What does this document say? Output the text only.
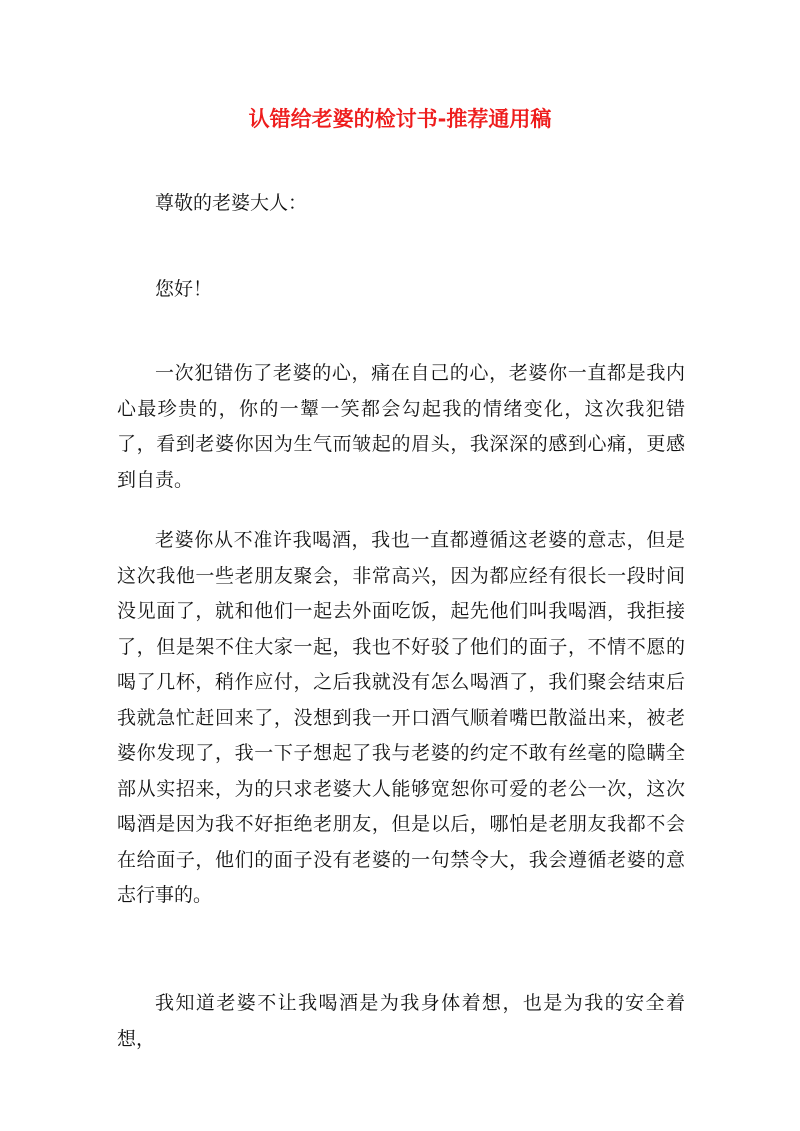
认错给老婆的检讨书-推荐通用稿

尊敬的老婆大人：

您好！

一次犯错伤了老婆的心，痛在自己的心，老婆你一直都是我内心最珍贵的，你的一颦一笑都会勾起我的情绪变化，这次我犯错了，看到老婆你因为生气而皱起的眉头，我深深的感到心痛，更感到自责。

老婆你从不准许我喝酒，我也一直都遵循这老婆的意志，但是这次我他一些老朋友聚会，非常高兴，因为都应经有很长一段时间没见面了，就和他们一起去外面吃饭，起先他们叫我喝酒，我拒接了，但是架不住大家一起，我也不好驳了他们的面子，不情不愿的喝了几杯，稍作应付，之后我就没有怎么喝酒了，我们聚会结束后我就急忙赶回来了，没想到我一开口酒气顺着嘴巴散溢出来，被老婆你发现了，我一下子想起了我与老婆的约定不敢有丝毫的隐瞒全部从实招来，为的只求老婆大人能够宽恕你可爱的老公一次，这次喝酒是因为我不好拒绝老朋友，但是以后，哪怕是老朋友我都不会在给面子，他们的面子没有老婆的一句禁令大，我会遵循老婆的意志行事的。

我知道老婆不让我喝酒是为我身体着想，也是为我的安全着想，
